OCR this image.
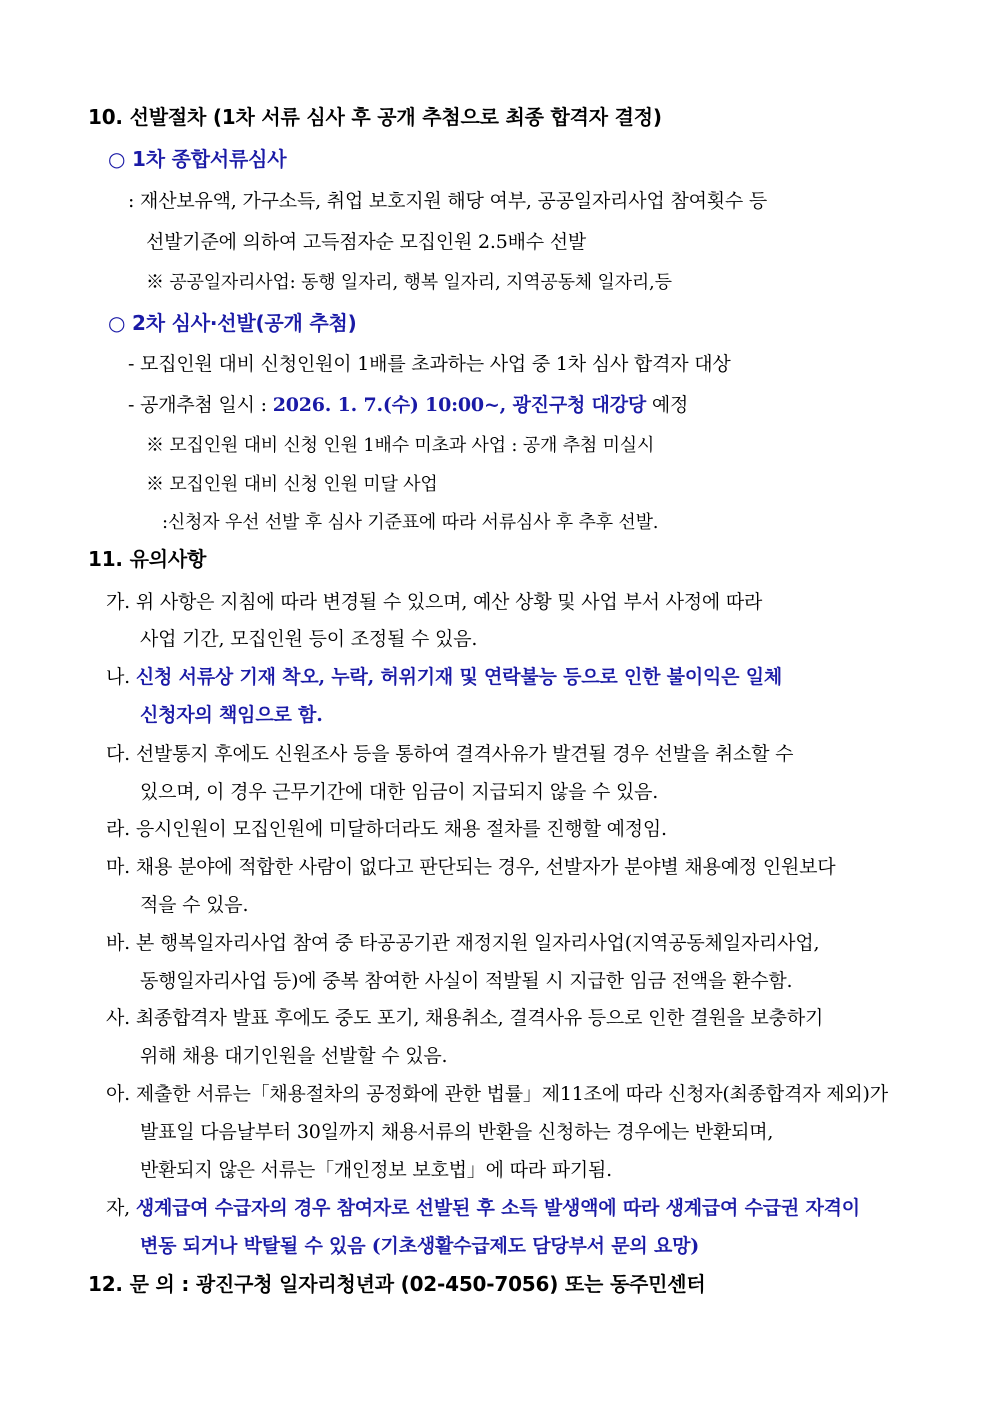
10. 선발절차 (1차 서류 심사 후 공개 추첨으로 최종 합격자 결정)
○ 1차 종합서류심사
: 재산보유액, 가구소득, 취업 보호지원 해당 여부, 공공일자리사업 참여횟수 등
선발기준에 의하여 고득점자순 모집인원 2.5배수 선발
※ 공공일자리사업: 동행 일자리, 행복 일자리, 지역공동체 일자리,등
○ 2차 심사·선발(공개 추첨)
- 모집인원 대비 신청인원이 1배를 초과하는 사업 중 1차 심사 합격자 대상
- 공개추첨 일시 : 2026. 1. 7.(수) 10:00~, 광진구청 대강당 예정
※ 모집인원 대비 신청 인원 1배수 미초과 사업 : 공개 추첨 미실시
※ 모집인원 대비 신청 인원 미달 사업
:신청자 우선 선발 후 심사 기준표에 따라 서류심사 후 추후 선발.
11. 유의사항
가. 위 사항은 지침에 따라 변경될 수 있으며, 예산 상황 및 사업 부서 사정에 따라
사업 기간, 모집인원 등이 조정될 수 있음.
나. 신청 서류상 기재 착오, 누락, 허위기재 및 연락불능 등으로 인한 불이익은 일체
신청자의 책임으로 함.
다. 선발통지 후에도 신원조사 등을 통하여 결격사유가 발견될 경우 선발을 취소할 수
있으며, 이 경우 근무기간에 대한 임금이 지급되지 않을 수 있음.
라. 응시인원이 모집인원에 미달하더라도 채용 절차를 진행할 예정임.
마. 채용 분야에 적합한 사람이 없다고 판단되는 경우, 선발자가 분야별 채용예정 인원보다
적을 수 있음.
바. 본 행복일자리사업 참여 중 타공공기관 재정지원 일자리사업(지역공동체일자리사업,
동행일자리사업 등)에 중복 참여한 사실이 적발될 시 지급한 임금 전액을 환수함.
사. 최종합격자 발표 후에도 중도 포기, 채용취소, 결격사유 등으로 인한 결원을 보충하기
위해 채용 대기인원을 선발할 수 있음.
아. 제출한 서류는「채용절차의 공정화에 관한 법률」제11조에 따라 신청자(최종합격자 제외)가
발표일 다음날부터 30일까지 채용서류의 반환을 신청하는 경우에는 반환되며,
반환되지 않은 서류는「개인정보 보호법」에 따라 파기됨.
자, 생계급여 수급자의 경우 참여자로 선발된 후 소득 발생액에 따라 생계급여 수급권 자격이
변동 되거나 박탈될 수 있음 (기초생활수급제도 담당부서 문의 요망)
12. 문 의 : 광진구청 일자리청년과 (02-450-7056) 또는 동주민센터
